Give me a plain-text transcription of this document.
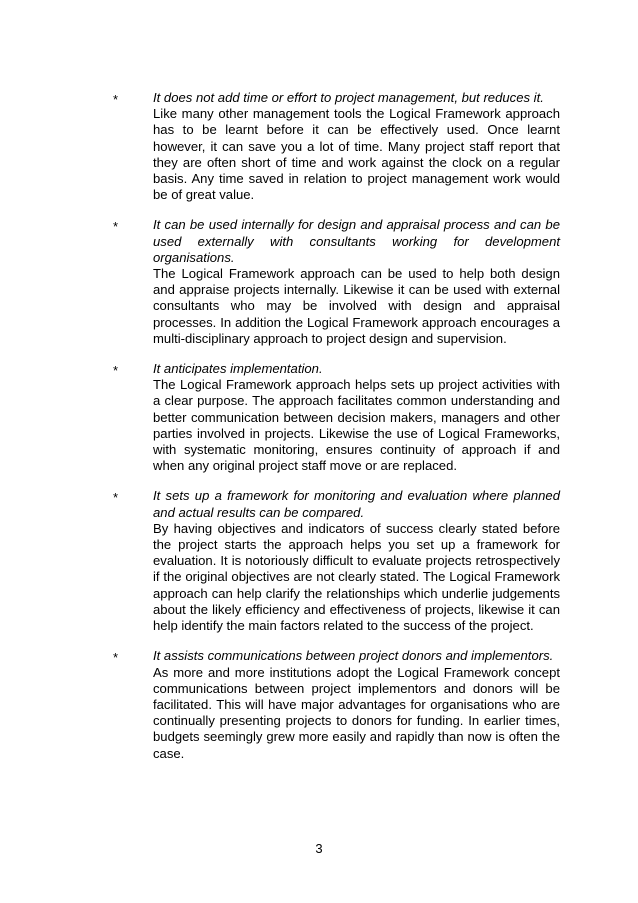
*	It does not add time or effort to project management, but reduces it.
Like many other management tools the Logical Framework approach has to be learnt before it can be effectively used. Once learnt however, it can save you a lot of time. Many project staff report that they are often short of time and work against the clock on a regular basis. Any time saved in relation to project management work would be of great value.
*	It can be used internally for design and appraisal process and can be used externally with consultants working for development organisations.
The Logical Framework approach can be used to help both design and appraise projects internally. Likewise it can be used with external consultants who may be involved with design and appraisal processes. In addition the Logical Framework approach encourages a multi-disciplinary approach to project design and supervision.
*	It anticipates implementation.
The Logical Framework approach helps sets up project activities with a clear purpose. The approach facilitates common understanding and better communication between decision makers, managers and other parties involved in projects. Likewise the use of Logical Frameworks, with systematic monitoring, ensures continuity of approach if and when any original project staff move or are replaced.
*	It sets up a framework for monitoring and evaluation where planned and actual results can be compared.
By having objectives and indicators of success clearly stated before the project starts the approach helps you set up a framework for evaluation. It is notoriously difficult to evaluate projects retrospectively if the original objectives are not clearly stated. The Logical Framework approach can help clarify the relationships which underlie judgements about the likely efficiency and effectiveness of projects, likewise it can help identify the main factors related to the success of the project.
*	It assists communications between project donors and implementors.
As more and more institutions adopt the Logical Framework concept communications between project implementors and donors will be facilitated. This will have major advantages for organisations who are continually presenting projects to donors for funding. In earlier times, budgets seemingly grew more easily and rapidly than now is often the case.
3
